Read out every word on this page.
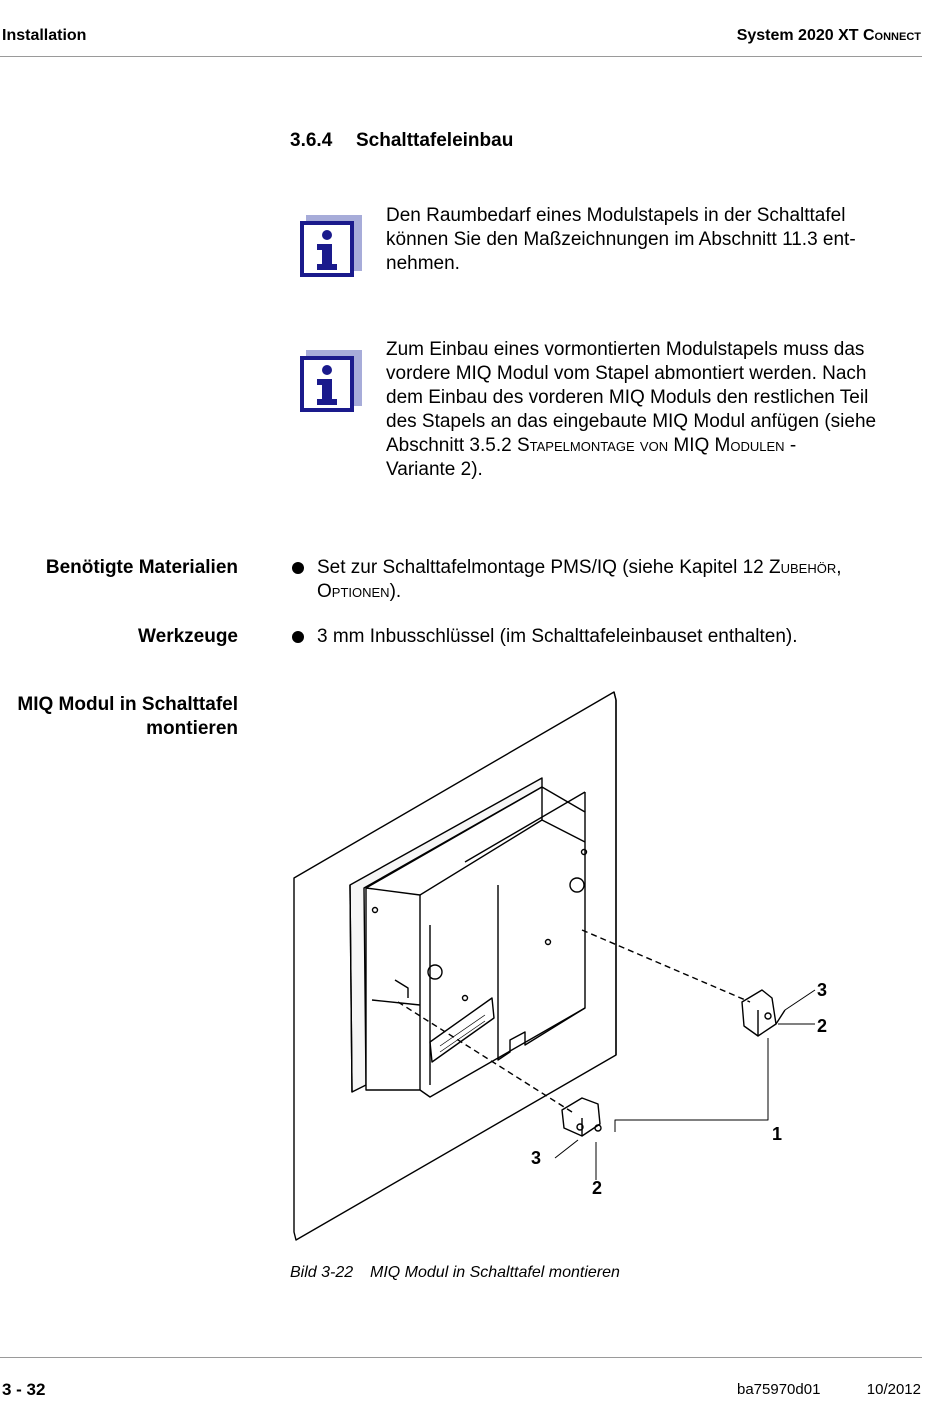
Installation	System 2020 XT Connect
3.6.4 Schalttafeleinbau
Den Raumbedarf eines Modulstapels in der Schalttafel
können Sie den Maßzeichnungen im Abschnitt 11.3 ent-
nehmen.
Zum Einbau eines vormontierten Modulstapels muss das
vordere MIQ Modul vom Stapel abmontiert werden. Nach
dem Einbau des vorderen MIQ Moduls den restlichen Teil
des Stapels an das eingebaute MIQ Modul anfügen (siehe
Abschnitt 3.5.2 Stapelmontage von MIQ Modulen -
Variante 2).
Benötigte Materialien	Set zur Schalttafelmontage PMS/IQ (siehe Kapitel 12 Zubehör,
Optionen).
Werkzeuge	3 mm Inbusschlüssel (im Schalttafeleinbauset enthalten).
MIQ Modul in Schalttafel
montieren
3
2
1
3
2
Bild 3-22 MIQ Modul in Schalttafel montieren
3 - 32	ba75970d01	10/2012
